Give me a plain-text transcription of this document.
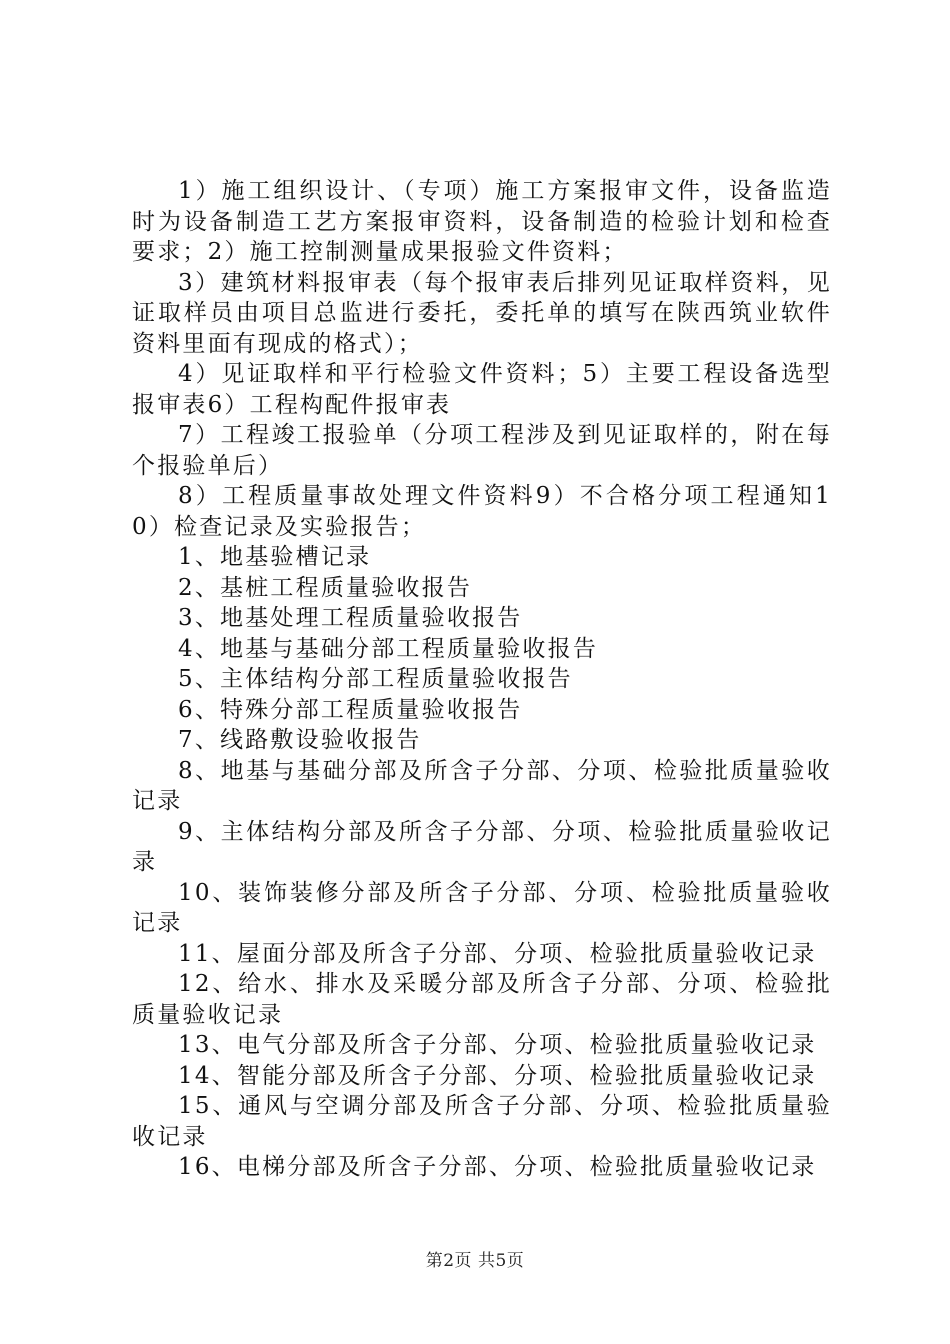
1）施工组织设计、（专项）施工方案报审文件，设备监造时为设备制造工艺方案报审资料，设备制造的检验计划和检查要求；2）施工控制测量成果报验文件资料；

3）建筑材料报审表（每个报审表后排列见证取样资料，见证取样员由项目总监进行委托，委托单的填写在陕西筑业软件资料里面有现成的格式）；

4）见证取样和平行检验文件资料；5）主要工程设备选型报审表6）工程构配件报审表

7）工程竣工报验单（分项工程涉及到见证取样的，附在每个报验单后）

8）工程质量事故处理文件资料9）不合格分项工程通知10）检查记录及实验报告；

1、地基验槽记录

2、基桩工程质量验收报告

3、地基处理工程质量验收报告

4、地基与基础分部工程质量验收报告

5、主体结构分部工程质量验收报告

6、特殊分部工程质量验收报告

7、线路敷设验收报告

8、地基与基础分部及所含子分部、分项、检验批质量验收记录

9、主体结构分部及所含子分部、分项、检验批质量验收记录

10、装饰装修分部及所含子分部、分项、检验批质量验收记录

11、屋面分部及所含子分部、分项、检验批质量验收记录

12、给水、排水及采暖分部及所含子分部、分项、检验批质量验收记录

13、电气分部及所含子分部、分项、检验批质量验收记录

14、智能分部及所含子分部、分项、检验批质量验收记录

15、通风与空调分部及所含子分部、分项、检验批质量验收记录

16、电梯分部及所含子分部、分项、检验批质量验收记录

第2页 共5页
